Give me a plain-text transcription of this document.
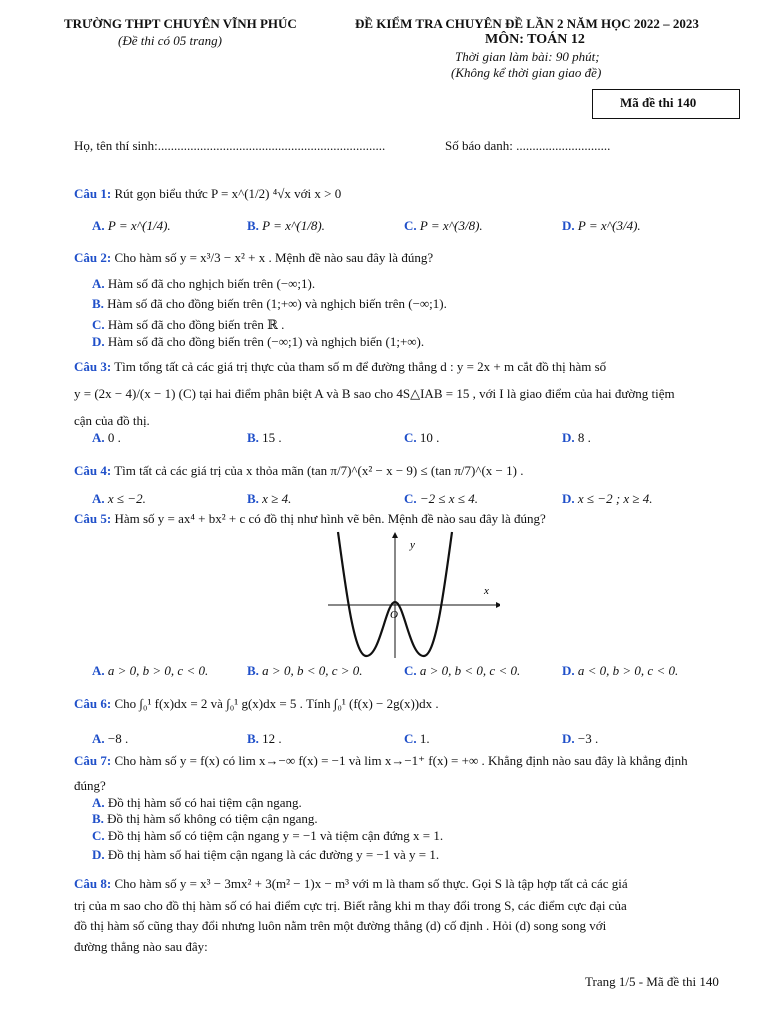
TRƯỜNG THPT CHUYÊN VĨNH PHÚC
(Đề thi có 05 trang)
ĐỀ KIỂM TRA CHUYÊN ĐỀ LẦN 2 NĂM HỌC 2022 – 2023
MÔN: TOÁN 12
Thời gian làm bài: 90 phút;
(Không kể thời gian giao đề)
Mã đề thi 140
Họ, tên thí sinh:......................................................................	Số báo danh: .............................
Câu 1: Rút gọn biểu thức P = x^(1/2) ⁴√x với x > 0
A. P = x^(1/4).	B. P = x^(1/8).	C. P = x^(3/8).	D. P = x^(3/4).
Câu 2: Cho hàm số y = x³/3 − x² + x . Mệnh đề nào sau đây là đúng?
A. Hàm số đã cho nghịch biến trên (−∞;1).
B. Hàm số đã cho đồng biến trên (1;+∞) và nghịch biến trên (−∞;1).
C. Hàm số đã cho đồng biến trên ℝ .
D. Hàm số đã cho đồng biến trên (−∞;1) và nghịch biến (1;+∞).
Câu 3: Tìm tổng tất cả các giá trị thực của tham số m để đường thẳng d : y = 2x + m cắt đồ thị hàm số
y = (2x − 4)/(x − 1) (C) tại hai điểm phân biệt A và B sao cho 4S△IAB = 15 , với I là giao điểm của hai đường tiệm
cận của đồ thị.
A. 0 .	B. 15 .	C. 10 .	D. 8 .
Câu 4: Tìm tất cả các giá trị của x thỏa mãn (tan π/7)^(x² − x − 9) ≤ (tan π/7)^(x − 1) .
A. x ≤ −2.	B. x ≥ 4.	C. −2 ≤ x ≤ 4.	D. x ≤ −2 ; x ≥ 4.
Câu 5: Hàm số y = ax⁴ + bx² + c có đồ thị như hình vẽ bên. Mệnh đề nào sau đây là đúng?
x
y
O
A. a > 0, b > 0, c < 0.	B. a > 0, b < 0, c > 0.	C. a > 0, b < 0, c < 0.	D. a < 0, b > 0, c < 0.
Câu 6: Cho ∫₀¹ f(x)dx = 2 và ∫₀¹ g(x)dx = 5 . Tính ∫₀¹ (f(x) − 2g(x))dx .
A. −8 .	B. 12 .	C. 1.	D. −3 .
Câu 7: Cho hàm số y = f(x) có lim x→−∞ f(x) = −1 và lim x→−1⁺ f(x) = +∞ . Khẳng định nào sau đây là khẳng định
đúng?
A. Đồ thị hàm số có hai tiệm cận ngang.
B. Đồ thị hàm số không có tiệm cận ngang.
C. Đồ thị hàm số có tiệm cận ngang y = −1 và tiệm cận đứng x = 1.
D. Đồ thị hàm số hai tiệm cận ngang là các đường y = −1 và y = 1.
Câu 8: Cho hàm số y = x³ − 3mx² + 3(m² − 1)x − m³ với m là tham số thực. Gọi S là tập hợp tất cả các giá
trị của m sao cho đồ thị hàm số có hai điểm cực trị. Biết rằng khi m thay đổi trong S, các điểm cực đại của
đồ thị hàm số cũng thay đổi nhưng luôn nằm trên một đường thẳng (d) cố định . Hỏi (d) song song với
đường thẳng nào sau đây:
Trang 1/5 - Mã đề thi 140
